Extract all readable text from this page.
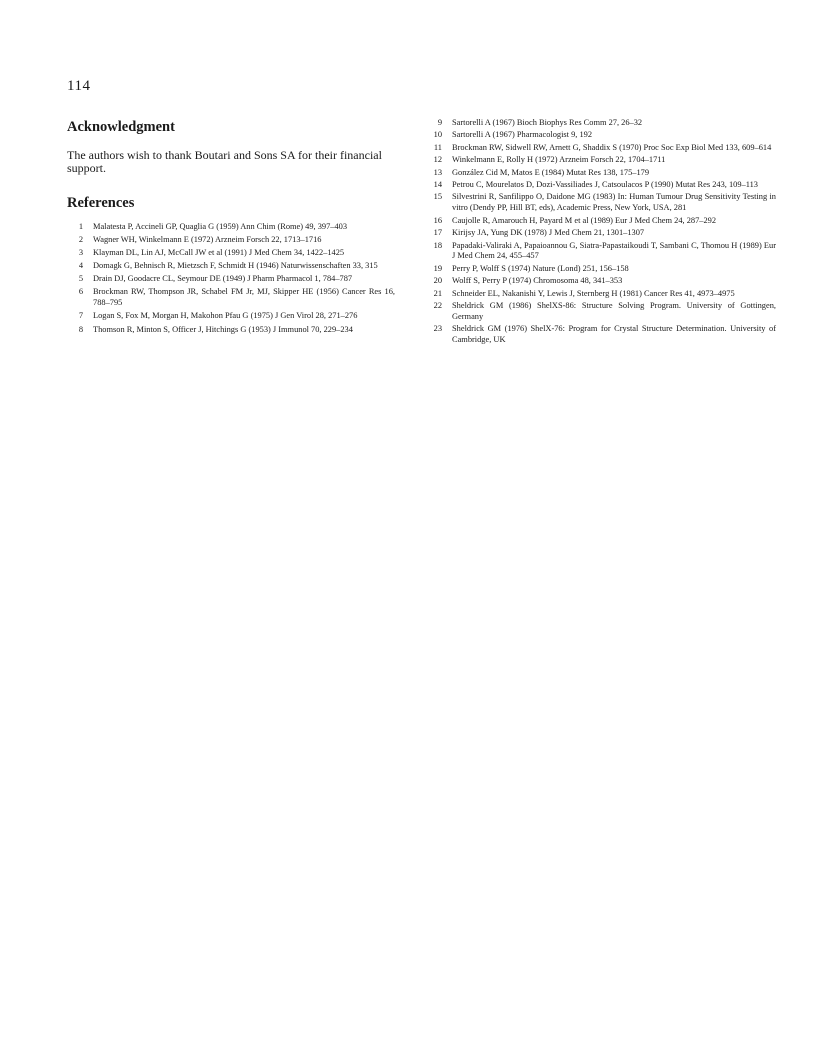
114
Acknowledgment

The authors wish to thank Boutari and Sons SA for their financial support.

References
1	Malatesta P, Accineli GP, Quaglia G (1959) Ann Chim (Rome) 49, 397–403
2	Wagner WH, Winkelmann E (1972) Arzneim Forsch 22, 1713–1716
3	Klayman DL, Lin AJ, McCall JW et al (1991) J Med Chem 34, 1422–1425
4	Domagk G, Behnisch R, Mietzsch F, Schmidt H (1946) Naturwissenschaften 33, 315
5	Drain DJ, Goodacre CL, Seymour DE (1949) J Pharm Pharmacol 1, 784–787
6	Brockman RW, Thompson JR, Schabel FM Jr, MJ, Skipper HE (1956) Cancer Res 16, 788–795
7	Logan S, Fox M, Morgan H, Makohon Pfau G (1975) J Gen Virol 28, 271–276
8	Thomson R, Minton S, Officer J, Hitchings G (1953) J Immunol 70, 229–234
9	Sartorelli A (1967) Bioch Biophys Res Comm 27, 26–32
10	Sartorelli A (1967) Pharmacologist 9, 192
11	Brockman RW, Sidwell RW, Arnett G, Shaddix S (1970) Proc Soc Exp Biol Med 133, 609–614
12	Winkelmann E, Rolly H (1972) Arzneim Forsch 22, 1704–1711
13	González Cid M, Matos E (1984) Mutat Res 138, 175–179
14	Petrou C, Mourelatos D, Dozi-Vassiliades J, Catsoulacos P (1990) Mutat Res 243, 109–113
15	Silvestrini R, Sanfilippo O, Daidone MG (1983) In: Human Tumour Drug Sensitivity Testing in vitro (Dendy PP, Hill BT, eds), Academic Press, New York, USA, 281
16	Caujolle R, Amarouch H, Payard M et al (1989) Eur J Med Chem 24, 287–292
17	Kirijsy JA, Yung DK (1978) J Med Chem 21, 1301–1307
18	Papadaki-Valiraki A, Papaioannou G, Siatra-Papastaikoudi T, Sambani C, Thomou H (1989) Eur J Med Chem 24, 455–457
19	Perry P, Wolff S (1974) Nature (Lond) 251, 156–158
20	Wolff S, Perry P (1974) Chromosoma 48, 341–353
21	Schneider EL, Nakanishi Y, Lewis J, Sternberg H (1981) Cancer Res 41, 4973–4975
22	Sheldrick GM (1986) ShelXS-86: Structure Solving Program. University of Gottingen, Germany
23	Sheldrick GM (1976) ShelX-76: Program for Crystal Structure Determination. University of Cambridge, UK
